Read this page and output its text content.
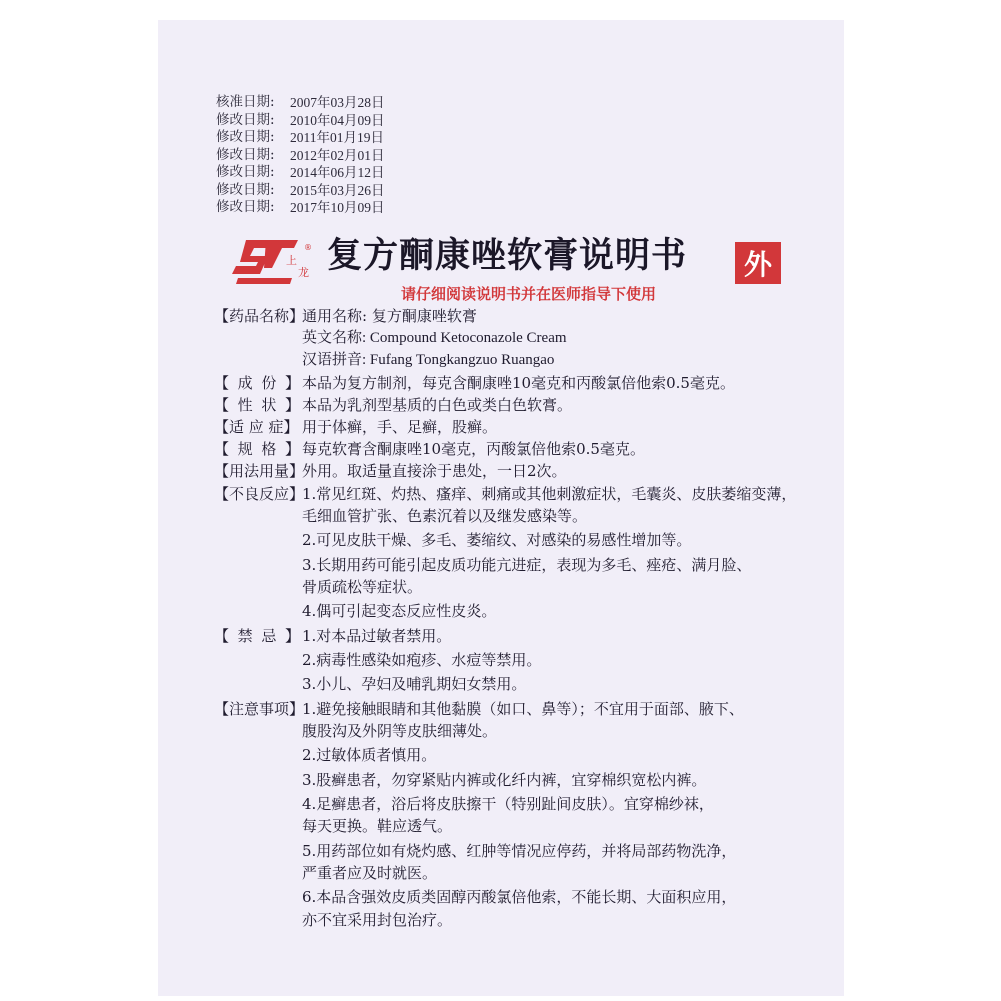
核准日期:	2007年03月28日
修改日期:	2010年04月09日
修改日期:	2011年01月19日
修改日期:	2012年02月01日
修改日期:	2014年06月12日
修改日期:	2015年03月26日
修改日期:	2017年10月09日
上
龙
® 复方酮康唑软膏说明书	外
请仔细阅读说明书并在医师指导下使用
【药品名称】
通用名称: 复方酮康唑软膏
英文名称: Compound Ketoconazole Cream
汉语拼音: Fufang Tongkangzuo Ruangao
【 成 份 】 本品为复方制剂，每克含酮康唑10毫克和丙酸氯倍他索0.5毫克。
【 性 状 】 本品为乳剂型基质的白色或类白色软膏。
【适 应 症】 用于体癣，手、足癣，股癣。
【 规 格 】 每克软膏含酮康唑10毫克，丙酸氯倍他索0.5毫克。
【用法用量】
外用。取适量直接涂于患处，一日2次。
【不良反应】
1.常见红斑、灼热、瘙痒、刺痛或其他刺激症状，毛囊炎、皮肤萎缩变薄，
毛细血管扩张、色素沉着以及继发感染等。
2.可见皮肤干燥、多毛、萎缩纹、对感染的易感性增加等。
3.长期用药可能引起皮质功能亢进症，表现为多毛、痤疮、满月脸、
骨质疏松等症状。
4.偶可引起变态反应性皮炎。
【 禁 忌 】 1.对本品过敏者禁用。
2.病毒性感染如疱疹、水痘等禁用。
3.小儿、孕妇及哺乳期妇女禁用。
【注意事项】
1.避免接触眼睛和其他黏膜（如口、鼻等）；不宜用于面部、腋下、
腹股沟及外阴等皮肤细薄处。
2.过敏体质者慎用。
3.股癣患者，勿穿紧贴内裤或化纤内裤，宜穿棉织宽松内裤。
4.足癣患者，浴后将皮肤擦干（特别趾间皮肤）。宜穿棉纱袜，
每天更换。鞋应透气。
5.用药部位如有烧灼感、红肿等情况应停药，并将局部药物洗净，
严重者应及时就医。
6.本品含强效皮质类固醇丙酸氯倍他索，不能长期、大面积应用，
亦不宜采用封包治疗。
